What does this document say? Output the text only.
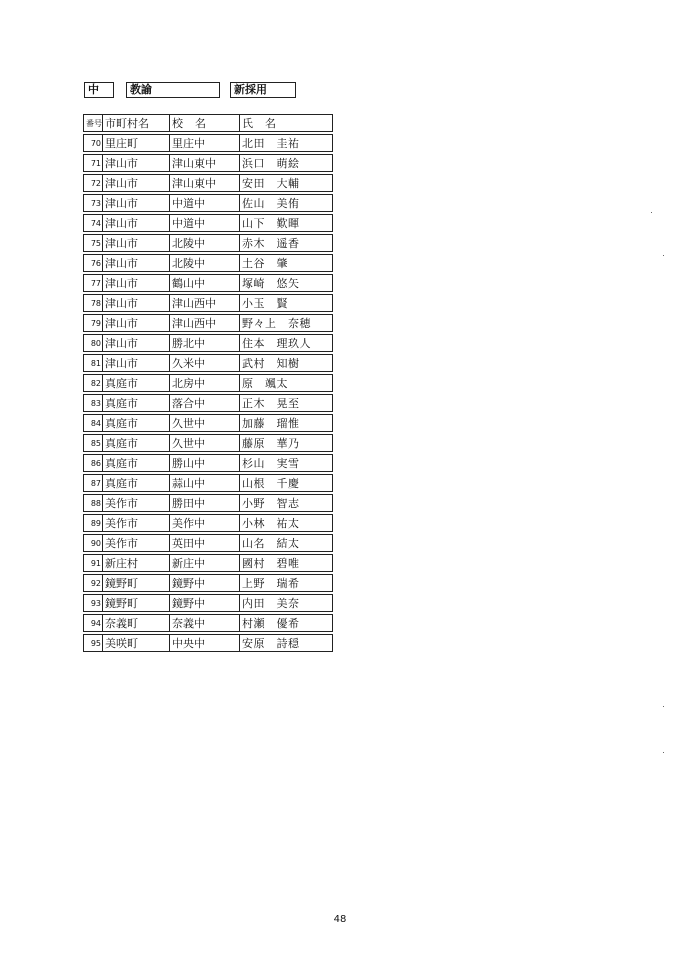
中	教諭	新採用
番号	市町村名	校　名	氏　名
70	里庄町	里庄中	北田　圭祐
71	津山市	津山東中	浜口　萌絵
72	津山市	津山東中	安田　大輔
73	津山市	中道中	佐山　美侑
74	津山市	中道中	山下　歎暉
75	津山市	北陵中	赤木　遥香
76	津山市	北陵中	土谷　肇
77	津山市	鶴山中	塚崎　悠矢
78	津山市	津山西中	小玉　賢
79	津山市	津山西中	野々上　奈穂
80	津山市	勝北中	住本　理玖人
81	津山市	久米中	武村　知樹
82	真庭市	北房中	原　颯太
83	真庭市	落合中	正木　晃至
84	真庭市	久世中	加藤　瑠惟
85	真庭市	久世中	藤原　華乃
86	真庭市	勝山中	杉山　実雪
87	真庭市	蒜山中	山根　千慶
88	美作市	勝田中	小野　智志
89	美作市	美作中	小林　祐太
90	美作市	英田中	山名　結太
91	新庄村	新庄中	國村　碧唯
92	鏡野町	鏡野中	上野　瑞希
93	鏡野町	鏡野中	内田　美奈
94	奈義町	奈義中	村瀬　優希
95	美咲町	中央中	安原　詩穏
48
